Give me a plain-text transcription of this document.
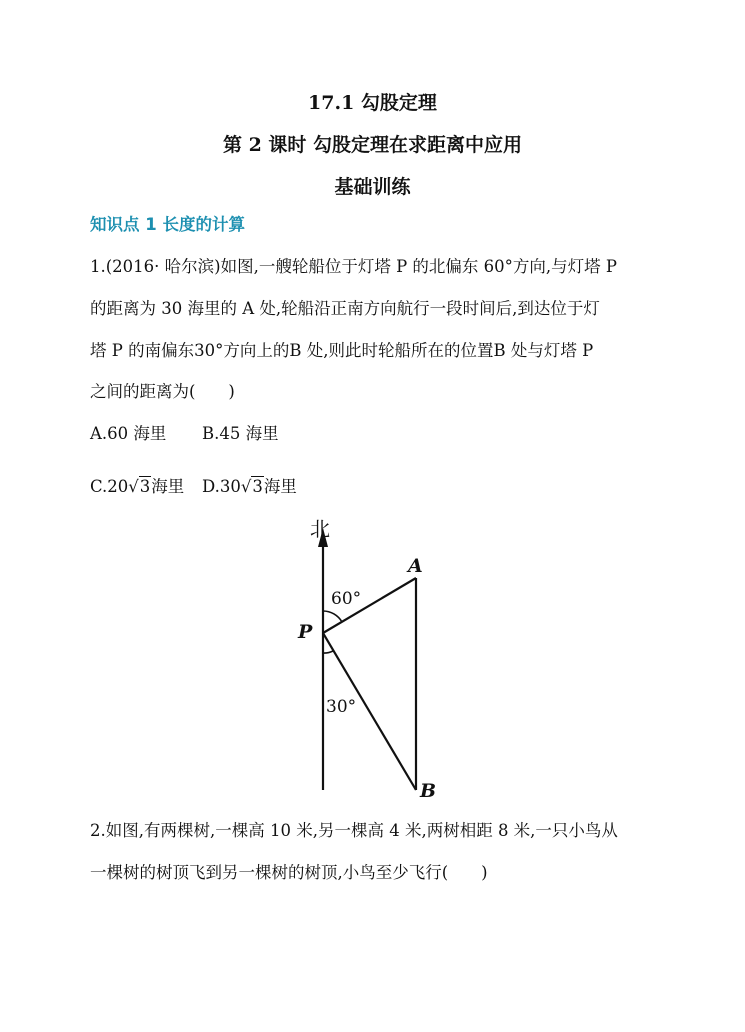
17.1 勾股定理
第 2 课时 勾股定理在求距离中应用
基础训练
知识点 1 长度的计算
1.(2016· 哈尔滨)如图,一艘轮船位于灯塔 P 的北偏东 60°方向,与灯塔 P
的距离为 30 海里的 A 处,轮船沿正南方向航行一段时间后,到达位于灯
塔 P 的南偏东30°方向上的B 处,则此时轮船所在的位置B 处与灯塔 P
之间的距离为(　　)
A.60 海里 B.45 海里
C.20√3海里 D.30√3海里
北
A
P
B
60°
30°
2.如图,有两棵树,一棵高 10 米,另一棵高 4 米,两树相距 8 米,一只小鸟从
一棵树的树顶飞到另一棵树的树顶,小鸟至少飞行(　　)
